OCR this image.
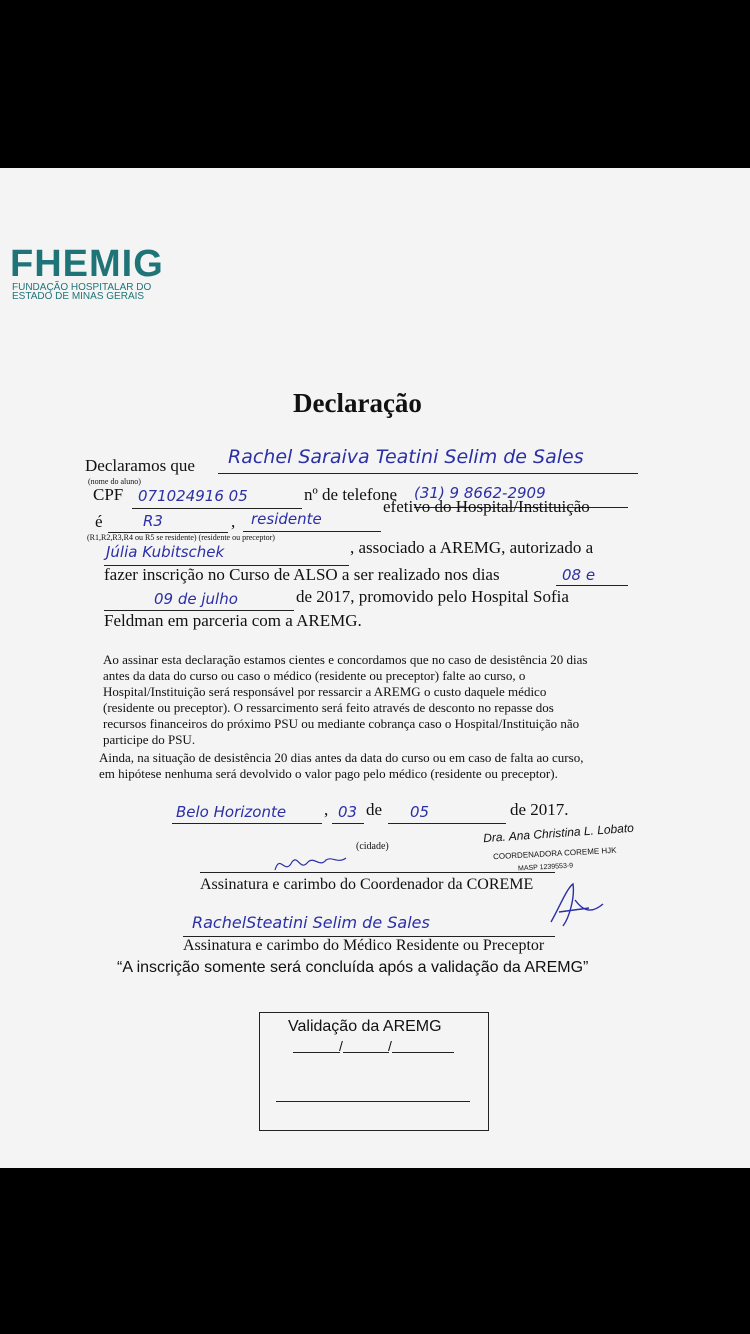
FHEMIG
FUNDAÇÃO HOSPITALAR DO
ESTADO DE MINAS GERAIS
Declaração
Declaramos que	Rachel Saraiva Teatini Selim de Sales
(nome do aluno)
CPF 071024916 05	nº de telefone (31) 9 8662-2909
é	R3	,	residente
efetivo do Hospital/Instituição
(R1,R2,R3,R4 ou R5 se residente) (residente ou preceptor)
Júlia Kubitschek	, associado a AREMG, autorizado a
fazer inscrição no Curso de ALSO a ser realizado nos dias	08 e
09 de julho	de 2017, promovido pelo Hospital Sofia
Feldman em parceria com a AREMG.
Ao assinar esta declaração estamos cientes e concordamos que no caso de desistência 20 dias
antes da data do curso ou caso o médico (residente ou preceptor) falte ao curso, o
Hospital/Instituição será responsável por ressarcir a AREMG o custo daquele médico
(residente ou preceptor). O ressarcimento será feito através de desconto no repasse dos
recursos financeiros do próximo PSU ou mediante cobrança caso o Hospital/Instituição não
participe do PSU.
Ainda, na situação de desistência 20 dias antes da data do curso ou em caso de falta ao curso,
em hipótese nenhuma será devolvido o valor pago pelo médico (residente ou preceptor).
Belo Horizonte	, 03 de	05	de 2017.
(cidade)
Dra. Ana Christina L. Lobato
COORDENADORA COREME HJK
MASP 1239553-9
Assinatura e carimbo do Coordenador da COREME
RachelSteatini Selim de Sales
Assinatura e carimbo do Médico Residente ou Preceptor
“A inscrição somente será concluída após a validação da AREMG”
Validação da AREMG
/	/
